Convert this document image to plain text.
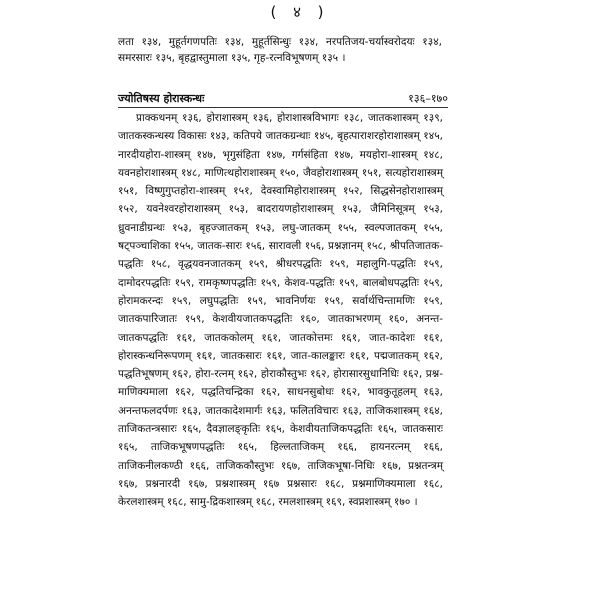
( ४ )

लता १३४, मुहूर्तगणपतिः १३४, मुहूर्तसिन्धुः १३४, नरपतिजय-चर्यास्वरोदयः १३४, समरसारः १३५, बृहद्वास्तुमाला १३५, गृह-रत्नविभूषणम् १३५ ।

ज्योतिषस्य होरास्कन्धः	१३६–१७०

प्राक्कथनम् १३६, होराशास्त्रम् १३६, होराशास्त्रविभागः १३८, जातकशास्त्रम् १३९, जातकस्कन्धस्य विकासः १४३, कतिपये जातकग्रन्थाः १४५, बृहत्पाराशरहोराशास्त्रम् १४५, नारदीयहोरा-शास्त्रम् १४७, भृगुसंहिता १४७, गर्गसंहिता १४७, मयहोरा-शास्त्रम् १४८, यवनहोराशास्त्रम् १४८, माणित्थहोराशास्त्रम् १५०, जैवहोराशास्त्रम् १५१, सत्यहोराशास्त्रम् १५१, विष्णुगुप्तहोरा-शास्त्रम् १५१, देवस्वामिहोराशास्त्रम् १५२, सिद्धसेनहोराशास्त्रम् १५२, यवनेश्वरहोराशास्त्रम् १५३, बादरायणहोराशास्त्रम् १५३, जैमिनिसूत्रम् १५३, ध्रुवनाडीग्रन्थः १५३, बृहज्जातकम् १५३, लघु-जातकम् १५५, स्वल्पजातकम् १५५, षट्पञ्चाशिका १५५, जातक-सारः १५६, सारावली १५६, प्रश्नज्ञानम् १५८, श्रीपतिजातक-पद्धतिः १५८, वृद्धयवनजातकम् १५९, श्रीधरपद्धतिः १५९, महालुगि-पद्धतिः १५९, दामोदरपद्धतिः १५९, रामकृष्णपद्धतिः १५९, केशव-पद्धतिः १५९, बालबोधपद्धतिः १५९, होरामकरन्दः १५९, लघुपद्धतिः १५९, भावनिर्णयः १५९, सर्वार्थचिन्तामणिः १५९, जातकपारिजातः १५९, केशवीयजातकपद्धतिः १६०, जातकाभरणम् १६०, अनन्त-जातकपद्धतिः १६१, जातककोलम् १६१, जातकोत्तमः १६१, जात-कादेशः १६१, होरास्कन्धनिरूपणम् १६१, जातकसारः १६१, जात-कालङ्कारः १६१, पद्मजातकम् १६२, पद्धतिभूषणम् १६२, होरा-रत्नम् १६२, होराकौस्तुभः १६२, होरासारसुधानिधिः १६२, प्रश्न-माणिक्यमाला १६२, पद्धतिचन्द्रिका १६२, साधनसुबोधः १६२, भावकुतूहलम् १६३, अनन्तफलदर्पणः १६३, जातकादेशमार्गः १६३, फलितविचारः १६३, ताजिकशास्त्रम् १६४, ताजिकतन्त्रसारः १६५, दैवज्ञालङ्कृतिः १६५, केशवीयताजिकपद्धतिः १६५, जातकसारः १६५, ताजिकभूषणपद्धतिः १६५, हिल्लताजिकम् १६६, हायनरत्नम् १६६, ताजिकनीलकण्ठी १६६, ताजिककौस्तुभः १६७, ताजिकभूषा-निधिः १६७, प्रश्नतन्त्रम् १६७, प्रश्ननारदी १६७, प्रश्नशास्त्रम् १६७ प्रश्नसारः १६८, प्रश्नमाणिक्यमाला १६८, केरलशास्त्रम् १६८, सामु-द्रिकशास्त्रम् १६८, रमलशास्त्रम् १६९, स्वप्नशास्त्रम् १७० ।
